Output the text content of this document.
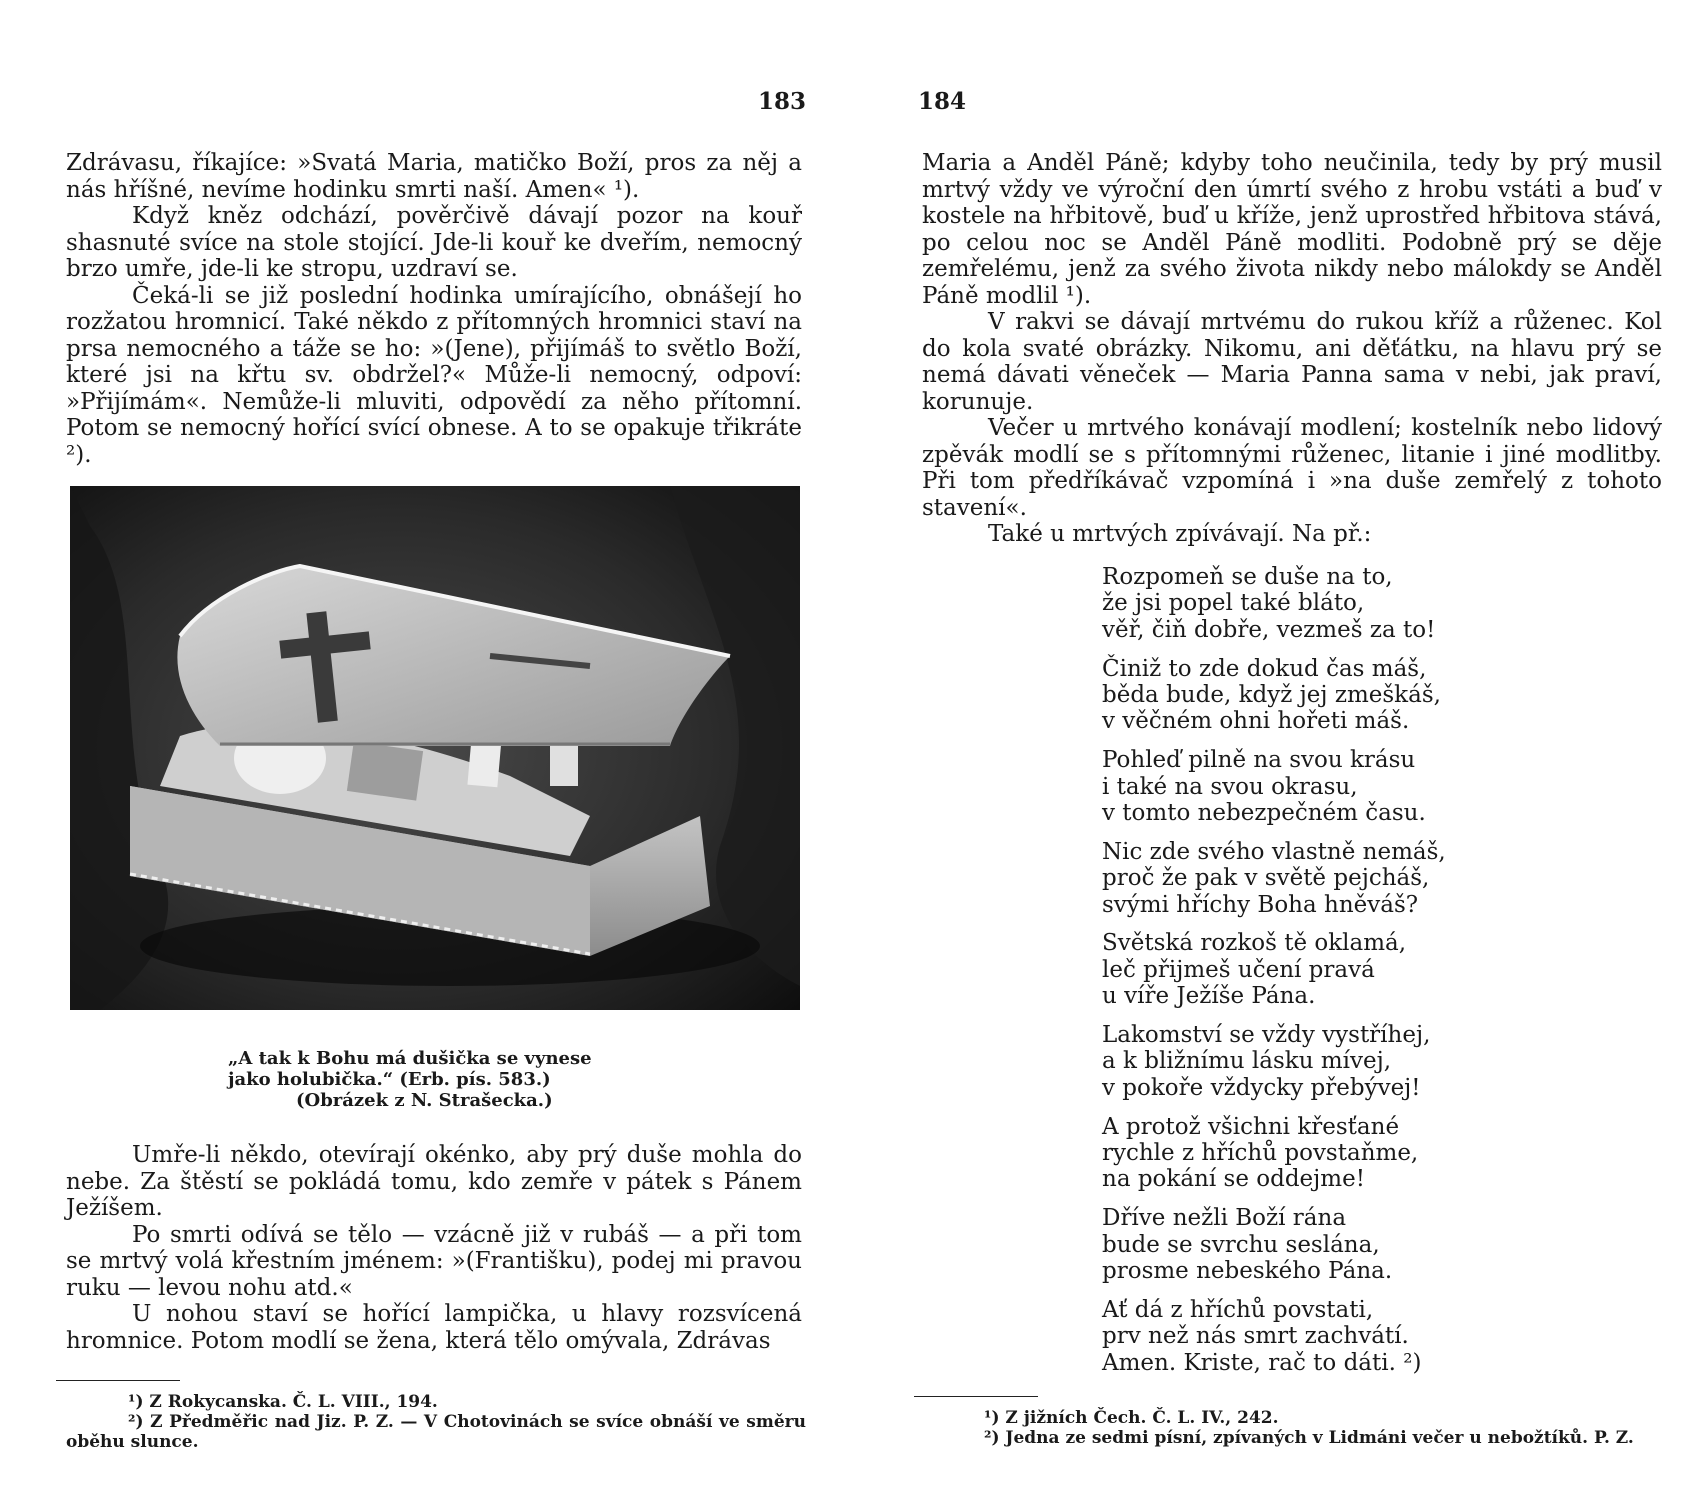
183

Zdrávasu, říkajíce: »Svatá Maria, matičko Boží, pros za něj a nás hříšné, nevíme hodinku smrti naší. Amen« ¹).

Když kněz odchází, pověrčivě dávají pozor na kouř shasnuté svíce na stole stojící. Jde-li kouř ke dveřím, nemocný brzo umře, jde-li ke stropu, uzdraví se.

Čeká-li se již poslední hodinka umírajícího, obnášejí ho rozžatou hromnicí. Také někdo z přítomných hromnici staví na prsa nemocného a táže se ho: »(Jene), přijímáš to světlo Boží, které jsi na křtu sv. obdržel?« Může-li nemocný, odpoví: »Přijímám«. Nemůže-li mluviti, odpovědí za něho přítomní. Potom se nemocný hořící svící obnese. A to se opakuje třikráte ²).

„A tak k Bohu má dušička se vynese
jako holubička.“ (Erb. pís. 583.)
(Obrázek z N. Strašecka.)

Umře-li někdo, otevírají okénko, aby prý duše mohla do nebe. Za štěstí se pokládá tomu, kdo zemře v pátek s Pánem Ježíšem.

Po smrti odívá se tělo — vzácně již v rubáš — a při tom se mrtvý volá křestním jménem: »(Františku), podej mi pravou ruku — levou nohu atd.«

U nohou staví se hořící lampička, u hlavy rozsvícená hromnice. Potom modlí se žena, která tělo omývala, Zdrávas

¹) Z Rokycanska. Č. L. VIII., 194.

²) Z Předměřic nad Jiz. P. Z. — V Chotovinách se svíce obnáší ve směru oběhu slunce.

184

Maria a Anděl Páně; kdyby toho neučinila, tedy by prý musil mrtvý vždy ve výroční den úmrtí svého z hrobu vstáti a buď v kostele na hřbitově, buď u kříže, jenž uprostřed hřbitova stává, po celou noc se Anděl Páně modliti. Podobně prý se děje zemřelému, jenž za svého života nikdy nebo málokdy se Anděl Páně modlil ¹).

V rakvi se dávají mrtvému do rukou kříž a růženec. Kol do kola svaté obrázky. Nikomu, ani děťátku, na hlavu prý se nemá dávati věneček — Maria Panna sama v nebi, jak praví, korunuje.

Večer u mrtvého konávají modlení; kostelník nebo lidový zpěvák modlí se s přítomnými růženec, litanie i jiné modlitby. Při tom předříkávač vzpomíná i »na duše zemřelý z tohoto stavení«.

Také u mrtvých zpívávají. Na př.:

Rozpomeň se duše na to,
že jsi popel také bláto,
věř, čiň dobře, vezmeš za to!
Činiž to zde dokud čas máš,
běda bude, když jej zmeškáš,
v věčném ohni hořeti máš.
Pohleď pilně na svou krásu
i také na svou okrasu,
v tomto nebezpečném času.
Nic zde svého vlastně nemáš,
proč že pak v světě pejcháš,
svými hříchy Boha hněváš?
Světská rozkoš tě oklamá,
leč přijmeš učení pravá
u víře Ježíše Pána.
Lakomství se vždy vystříhej,
a k bližnímu lásku mívej,
v pokoře vždycky přebývej!
A protož všichni křesťané
rychle z hříchů povstaňme,
na pokání se oddejme!
Dříve nežli Boží rána
bude se svrchu seslána,
prosme nebeského Pána.
Ať dá z hříchů povstati,
prv než nás smrt zachvátí.
Amen. Kriste, rač to dáti. ²)

¹) Z jižních Čech. Č. L. IV., 242.

²) Jedna ze sedmi písní, zpívaných v Lidmáni večer u nebožtíků. P. Z.
